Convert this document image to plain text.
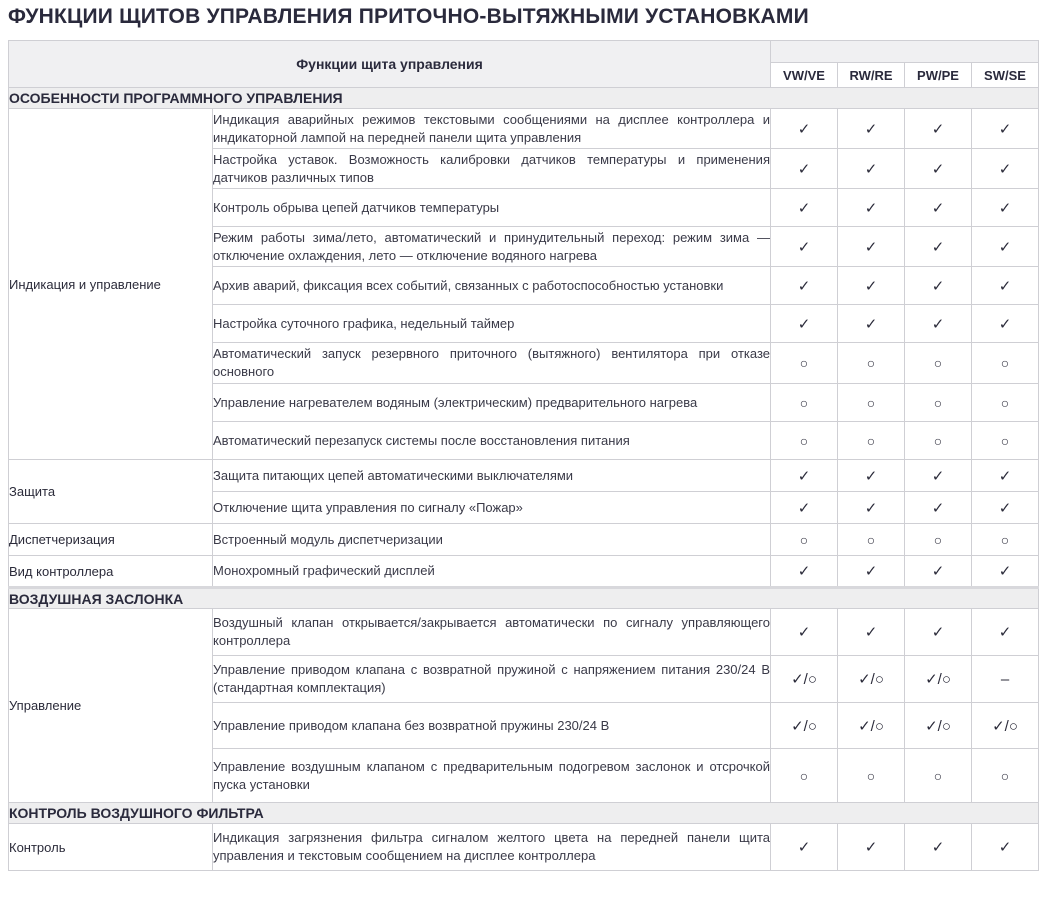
ФУНКЦИИ ЩИТОВ УПРАВЛЕНИЯ ПРИТОЧНО-ВЫТЯЖНЫМИ УСТАНОВКАМИ
Функции щита управления					
		VW/VE	RW/RE	PW/PE	SW/SE
ОСОБЕННОСТИ ПРОГРАММНОГО УПРАВЛЕНИЯ					
Индикация и управление	Индикация аварийных режимов текстовыми сообщениями на дисплее контроллера и индикаторной лампой на передней панели щита управления	✓	✓	✓	✓
	Настройка уставок. Возможность калибровки датчиков температуры и применения датчиков различных типов	✓	✓	✓	✓
	Контроль обрыва цепей датчиков температуры	✓	✓	✓	✓
	Режим работы зима/лето, автоматический и принудительный переход: режим зима — отключение охлаждения, лето — отключение водяного нагрева	✓	✓	✓	✓
	Архив аварий, фиксация всех событий, связанных с работоспособностью установки	✓	✓	✓	✓
	Настройка суточного графика, недельный таймер	✓	✓	✓	✓
	Автоматический запуск резервного приточного (вытяжного) вентилятора при отказе основного	○	○	○	○
	Управление нагревателем водяным (электрическим) предварительного нагрева	○	○	○	○
	Автоматический перезапуск системы после восстановления питания	○	○	○	○
Защита	Защита питающих цепей автоматическими выключателями	✓	✓	✓	✓
	Отключение щита управления по сигналу «Пожар»	✓	✓	✓	✓
Диспетчеризация	Встроенный модуль диспетчеризации	○	○	○	○
Вид контроллера	Монохромный графический дисплей	✓	✓	✓	✓
ВОЗДУШНАЯ ЗАСЛОНКА					
Управление	Воздушный клапан открывается/закрывается автоматически по сигналу управляющего контроллера	✓	✓	✓	✓
	Управление приводом клапана с возвратной пружиной с напряжением питания 230/24 В (стандартная комплектация)	✓/○	✓/○	✓/○	–
	Управление приводом клапана без возвратной пружины 230/24 В	✓/○	✓/○	✓/○	✓/○
	Управление воздушным клапаном с предварительным подогревом заслонок и отсрочкой пуска установки	○	○	○	○
КОНТРОЛЬ ВОЗДУШНОГО ФИЛЬТРА					
Контроль	Индикация загрязнения фильтра сигналом желтого цвета на передней панели щита управления и текстовым сообщением на дисплее контроллера	✓	✓	✓	✓
